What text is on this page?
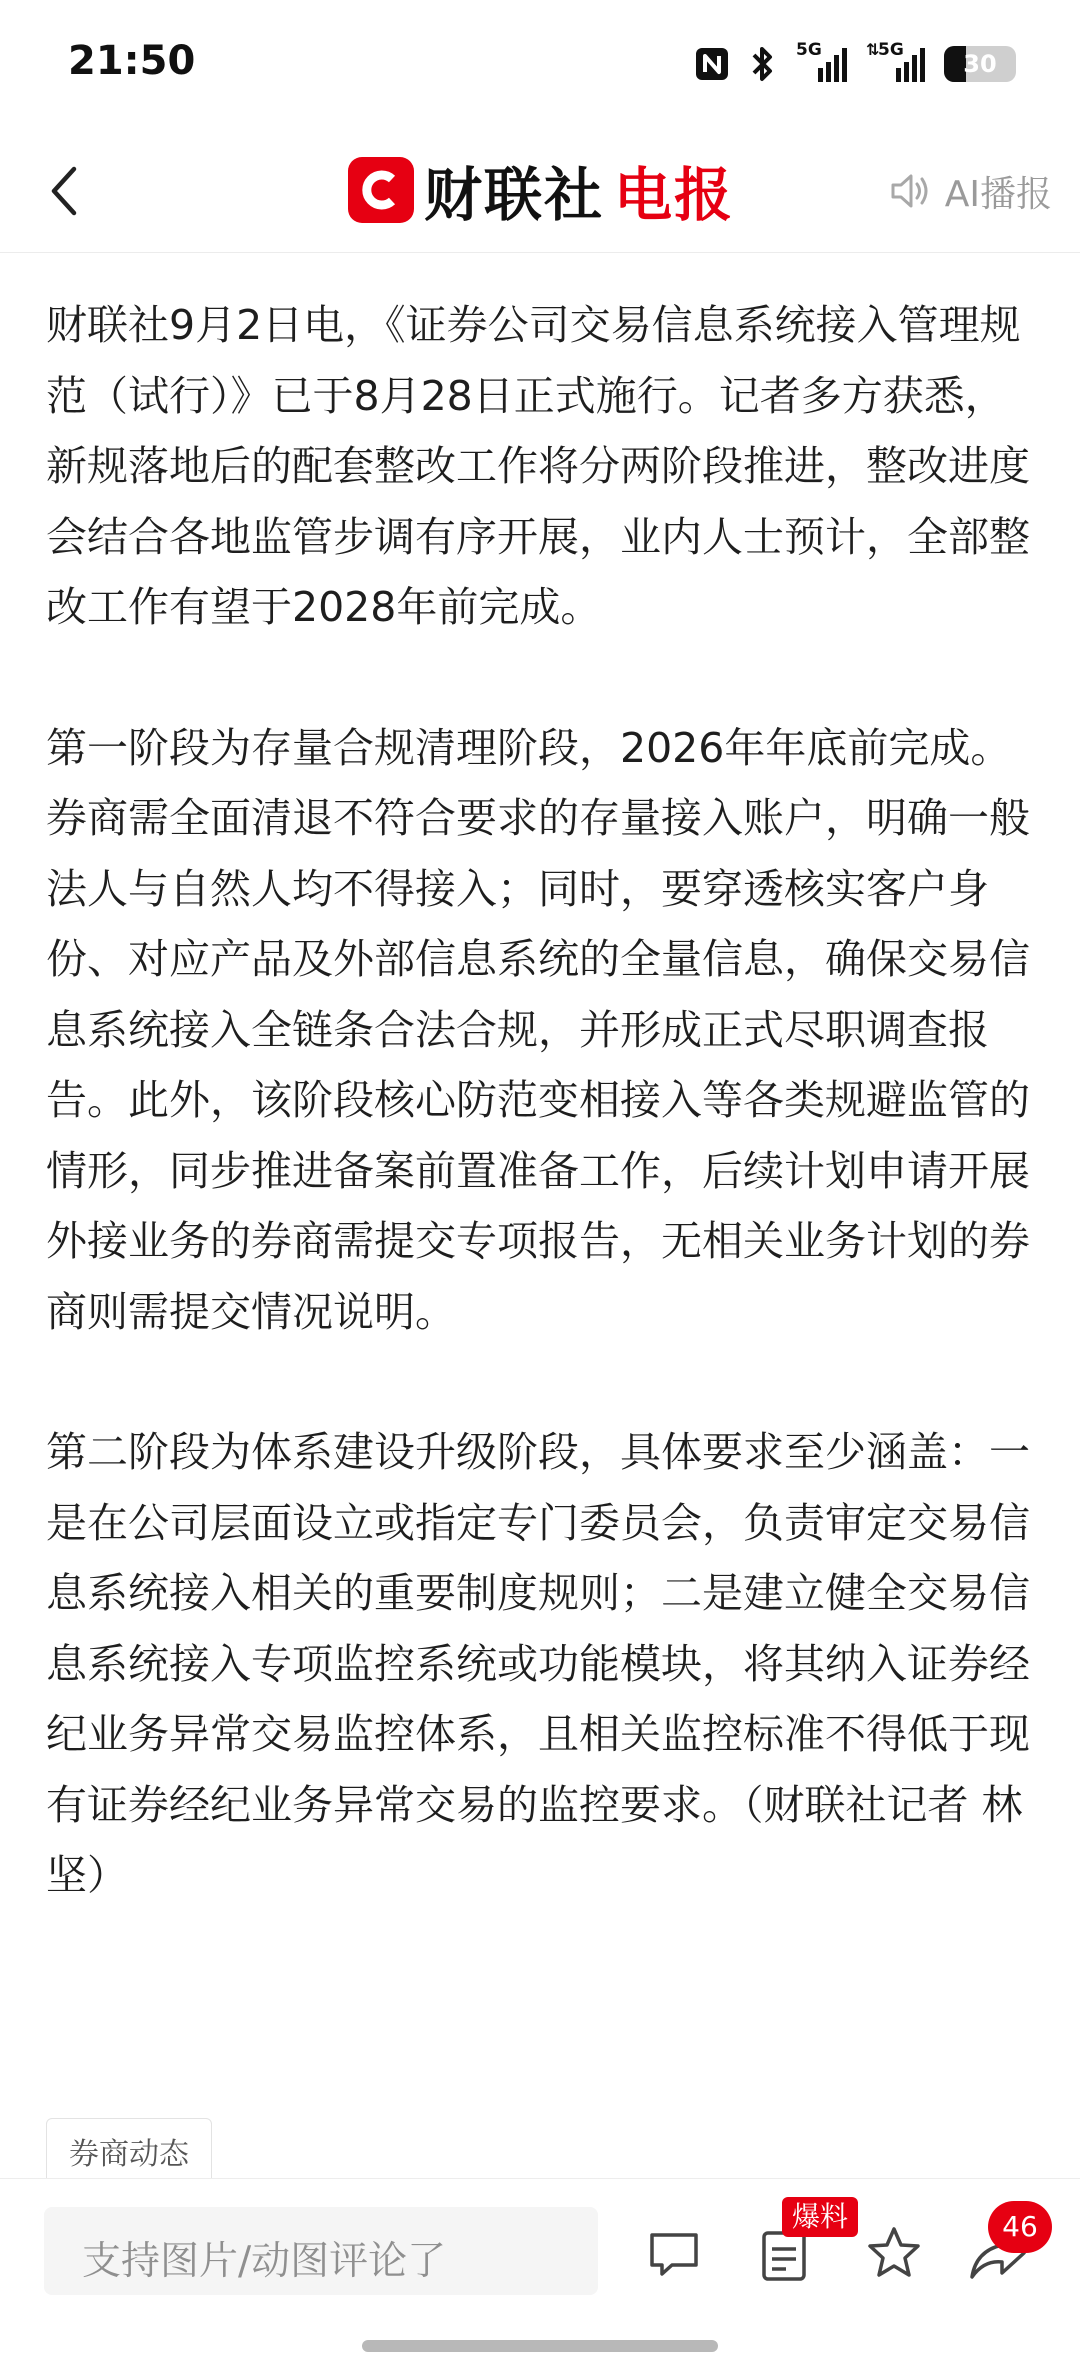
21:50	5G	⇅
5G	30
财联社 电报	AI播报

财联社9月2日电，《证券公司交易信息系统接入管理规范（试行）》已于8月28日正式施行。记者多方获悉，新规落地后的配套整改工作将分两阶段推进，整改进度会结合各地监管步调有序开展，业内人士预计，全部整改工作有望于2028年前完成。

第一阶段为存量合规清理阶段，2026年年底前完成。券商需全面清退不符合要求的存量接入账户，明确一般法人与自然人均不得接入；同时，要穿透核实客户身份、对应产品及外部信息系统的全量信息，确保交易信息系统接入全链条合法合规，并形成正式尽职调查报告。此外，该阶段核心防范变相接入等各类规避监管的情形，同步推进备案前置准备工作，后续计划申请开展外接业务的券商需提交专项报告，无相关业务计划的券商则需提交情况说明。

第二阶段为体系建设升级阶段，具体要求至少涵盖：一是在公司层面设立或指定专门委员会，负责审定交易信息系统接入相关的重要制度规则；二是建立健全交易信息系统接入专项监控系统或功能模块，将其纳入证券经纪业务异常交易监控体系，且相关监控标准不得低于现有证券经纪业务异常交易的监控要求。（财联社记者 林坚）

券商动态
支持图片/动图评论了
爆料	46
